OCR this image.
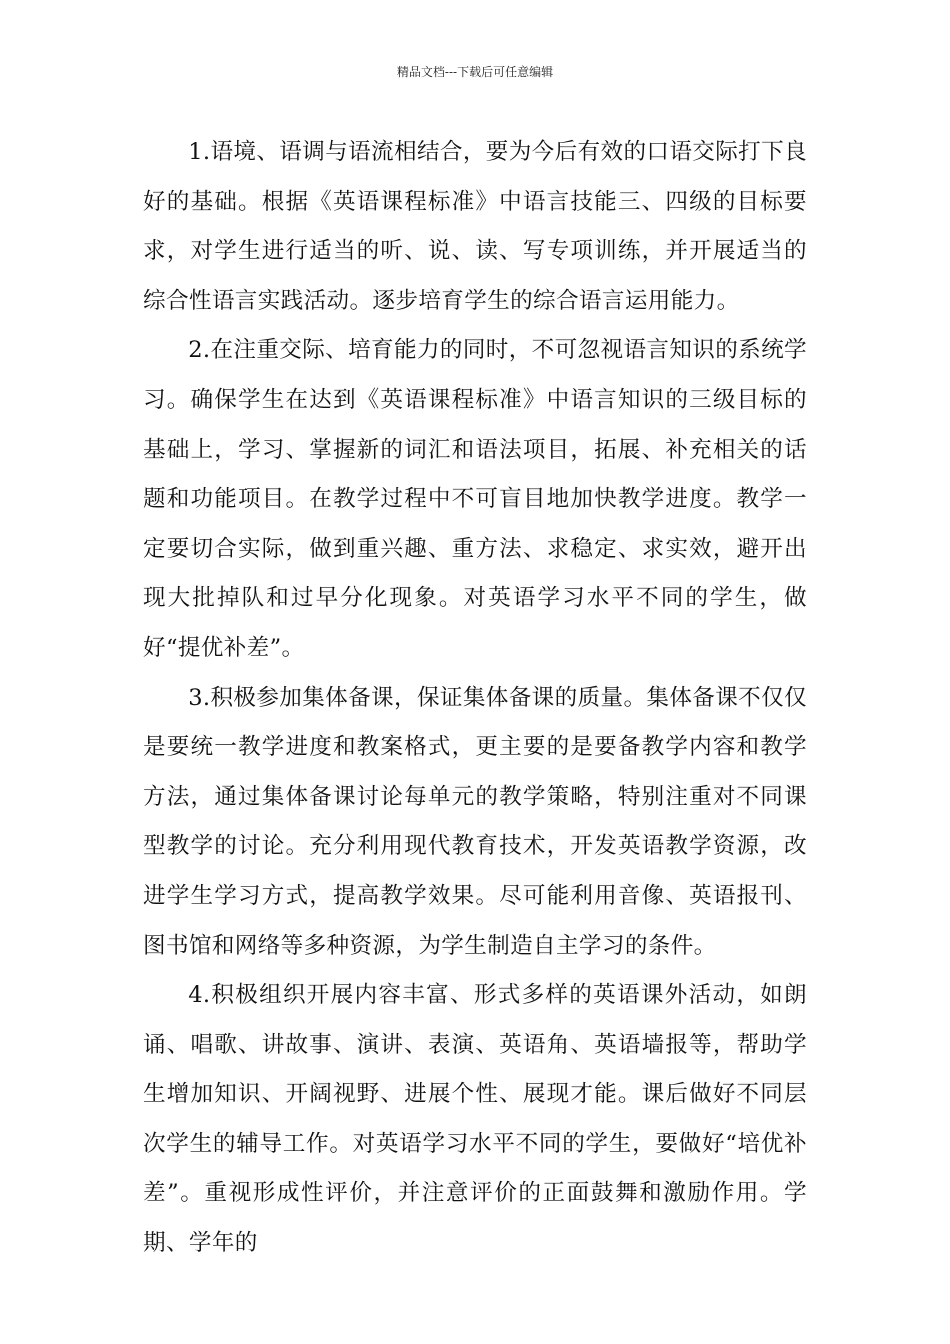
精品文档---下载后可任意编辑

1.语境、语调与语流相结合，要为今后有效的口语交际打下良好的基础。根据《英语课程标准》中语言技能三、四级的目标要求，对学生进行适当的听、说、读、写专项训练，并开展适当的综合性语言实践活动。逐步培育学生的综合语言运用能力。

2.在注重交际、培育能力的同时，不可忽视语言知识的系统学习。确保学生在达到《英语课程标准》中语言知识的三级目标的基础上，学习、掌握新的词汇和语法项目，拓展、补充相关的话题和功能项目。在教学过程中不可盲目地加快教学进度。教学一定要切合实际，做到重兴趣、重方法、求稳定、求实效，避开出现大批掉队和过早分化现象。对英语学习水平不同的学生，做好“提优补差”。

3.积极参加集体备课，保证集体备课的质量。集体备课不仅仅是要统一教学进度和教案格式，更主要的是要备教学内容和教学方法，通过集体备课讨论每单元的教学策略，特别注重对不同课型教学的讨论。充分利用现代教育技术，开发英语教学资源，改进学生学习方式，提高教学效果。尽可能利用音像、英语报刊、图书馆和网络等多种资源，为学生制造自主学习的条件。

4.积极组织开展内容丰富、形式多样的英语课外活动，如朗诵、唱歌、讲故事、演讲、表演、英语角、英语墙报等，帮助学生增加知识、开阔视野、进展个性、展现才能。课后做好不同层次学生的辅导工作。对英语学习水平不同的学生，要做好“培优补差”。重视形成性评价，并注意评价的正面鼓舞和激励作用。学期、学年的
